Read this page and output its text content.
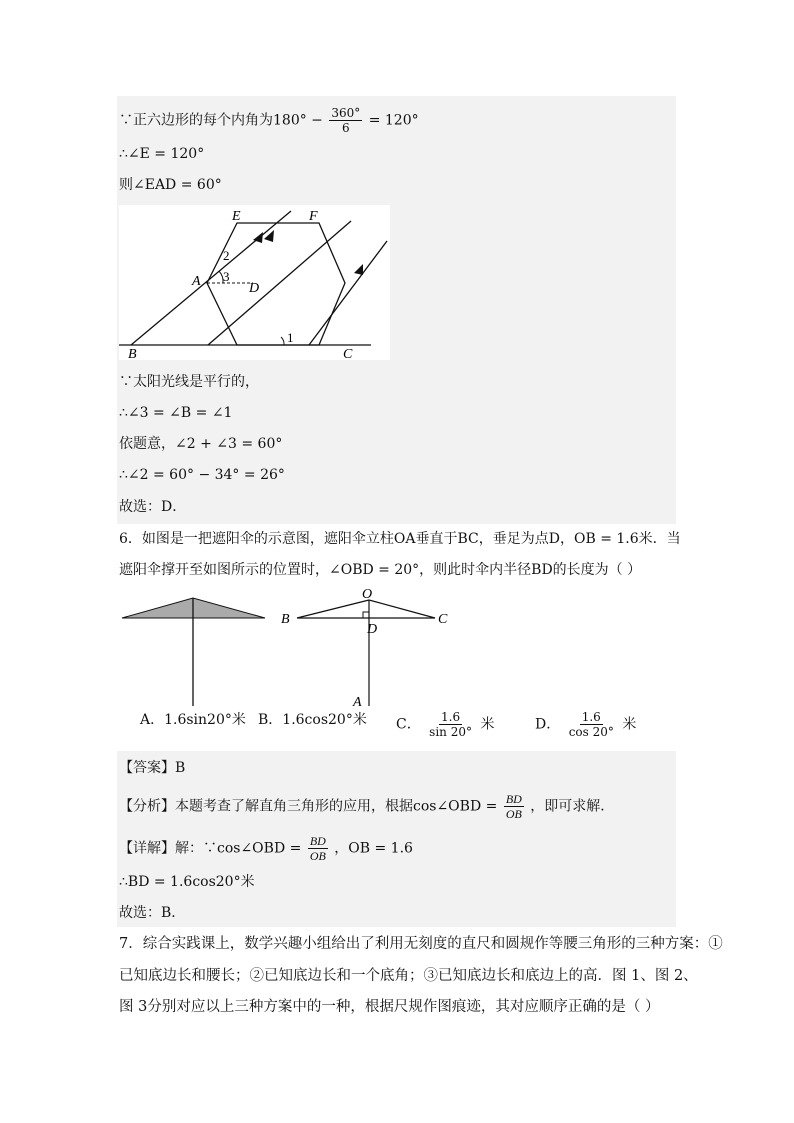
∵正六边形的每个内角为$180^\circ - \frac{360^\circ}{6} = 120^\circ$
∴∠E = 120°
则∠EAD = 60°
E	F
A	D
B	C
1
2
3
∵太阳光线是平行的，
∴∠3 = ∠B = ∠1
依题意，∠2 + ∠3 = 60°
∴∠2 = 60° − 34° = 26°
故选：D．
6．如图是一把遮阳伞的示意图，遮阳伞立柱OA垂直于BC，垂足为点D，OB = 1.6米．当
遮阳伞撑开至如图所示的位置时，∠OBD = 20°，则此时伞内半径BD的长度为（ ）
O
B	C
D
A
A．1.6sin20°米 B．1.6cos20°米 C． $\frac{1.6}{\sin 20^\circ}$ 米	D． $\frac{1.6}{\cos 20^\circ}$ 米
【答案】B
【分析】本题考查了解直角三角形的应用，根据cos∠OBD = $\frac{BD}{OB}$ ，即可求解．
【详解】解：∵cos∠OBD = $\frac{BD}{OB}$ ，OB = 1.6
∴BD = 1.6cos20°米
故选：B．
7．综合实践课上，数学兴趣小组给出了利用无刻度的直尺和圆规作等腰三角形的三种方案：①
已知底边长和腰长；②已知底边长和一个底角；③已知底边长和底边上的高．图 1、图 2、
图 3分别对应以上三种方案中的一种，根据尺规作图痕迹，其对应顺序正确的是（ ）
